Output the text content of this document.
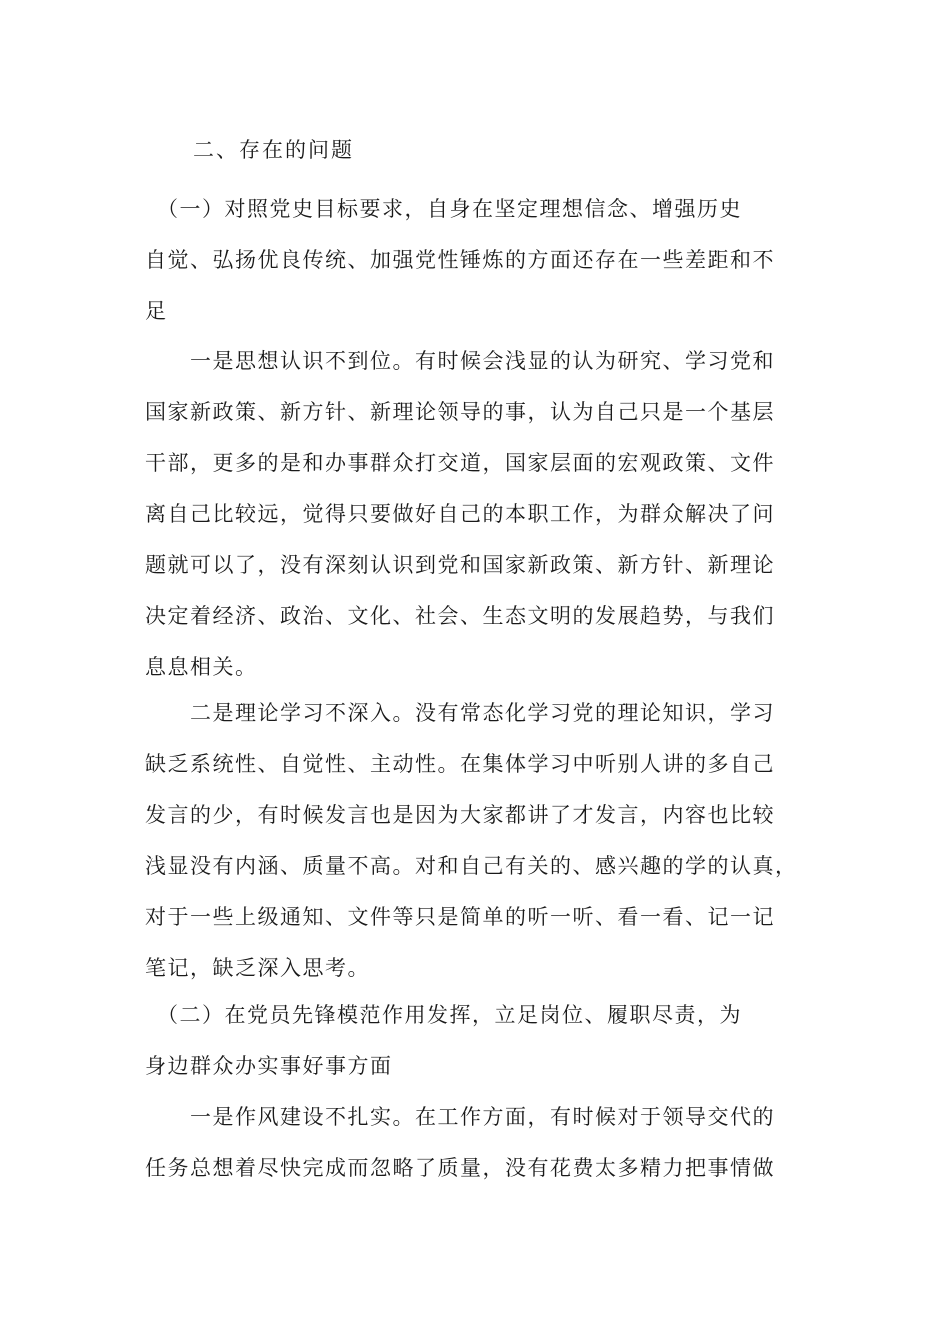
二、存在的问题
　（一）对照党史目标要求，自身在坚定理想信念、增强历史
自觉、弘扬优良传统、加强党性锤炼的方面还存在一些差距和不
足
　　一是思想认识不到位。有时候会浅显的认为研究、学习党和
国家新政策、新方针、新理论领导的事，认为自己只是一个基层
干部，更多的是和办事群众打交道，国家层面的宏观政策、文件
离自己比较远，觉得只要做好自己的本职工作，为群众解决了问
题就可以了，没有深刻认识到党和国家新政策、新方针、新理论
决定着经济、政治、文化、社会、生态文明的发展趋势，与我们
息息相关。
　　二是理论学习不深入。没有常态化学习党的理论知识，学习
缺乏系统性、自觉性、主动性。在集体学习中听别人讲的多自己
发言的少，有时候发言也是因为大家都讲了才发言，内容也比较
浅显没有内涵、质量不高。对和自己有关的、感兴趣的学的认真，
对于一些上级通知、文件等只是简单的听一听、看一看、记一记
笔记，缺乏深入思考。
　（二）在党员先锋模范作用发挥，立足岗位、履职尽责，为
身边群众办实事好事方面
　　一是作风建设不扎实。在工作方面，有时候对于领导交代的
任务总想着尽快完成而忽略了质量，没有花费太多精力把事情做
